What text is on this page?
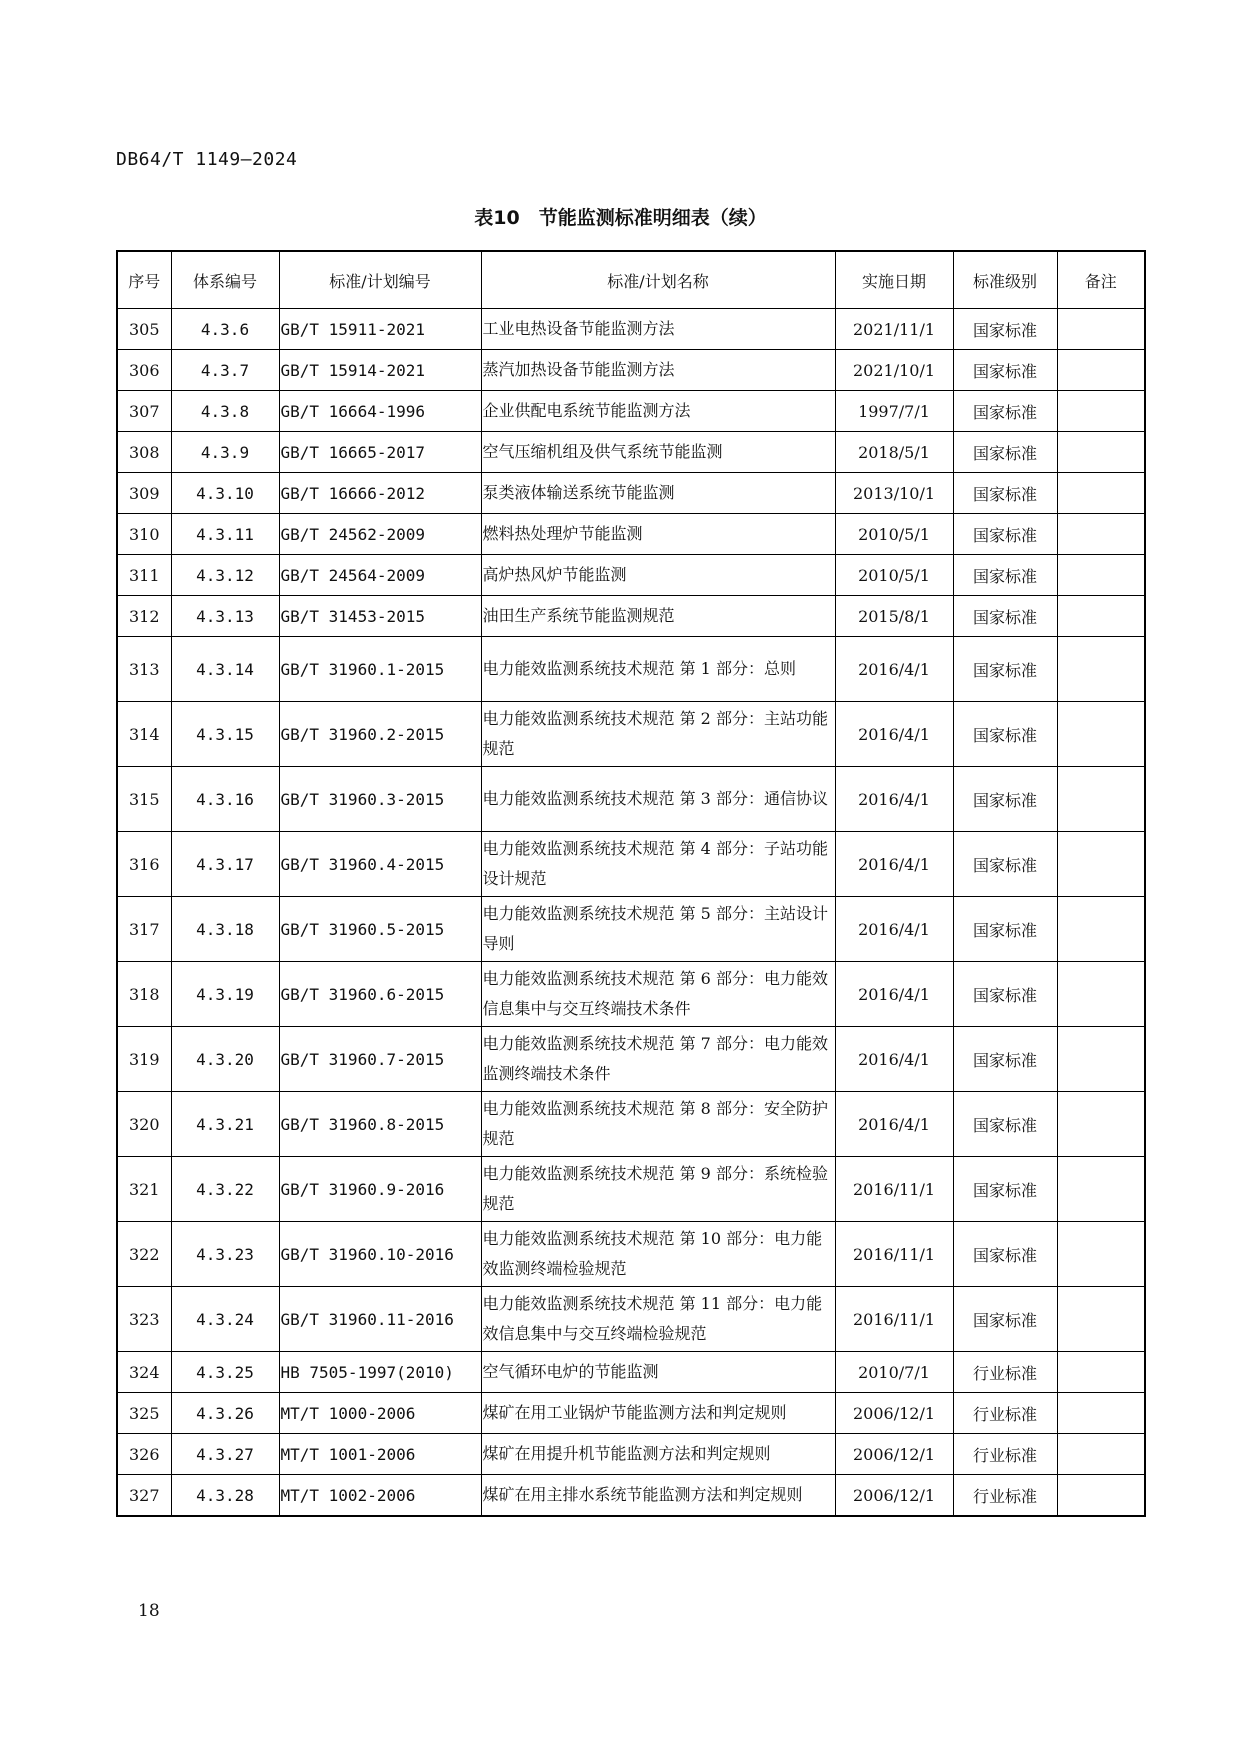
DB64/T 1149—2024
表10　节能监测标准明细表（续）
序号	体系编号	标准/计划编号	标准/计划名称	实施日期	标准级别	备注
305	4.3.6	GB/T 15911-2021	工业电热设备节能监测方法	2021/11/1	国家标准	
306	4.3.7	GB/T 15914-2021	蒸汽加热设备节能监测方法	2021/10/1	国家标准	
307	4.3.8	GB/T 16664-1996	企业供配电系统节能监测方法	1997/7/1	国家标准	
308	4.3.9	GB/T 16665-2017	空气压缩机组及供气系统节能监测	2018/5/1	国家标准	
309	4.3.10	GB/T 16666-2012	泵类液体输送系统节能监测	2013/10/1	国家标准	
310	4.3.11	GB/T 24562-2009	燃料热处理炉节能监测	2010/5/1	国家标准	
311	4.3.12	GB/T 24564-2009	高炉热风炉节能监测	2010/5/1	国家标准	
312	4.3.13	GB/T 31453-2015	油田生产系统节能监测规范	2015/8/1	国家标准	
313	4.3.14	GB/T 31960.1-2015	电力能效监测系统技术规范 第 1 部分：总则	2016/4/1	国家标准	
314	4.3.15	GB/T 31960.2-2015	电力能效监测系统技术规范 第 2 部分：主站功能规范	2016/4/1	国家标准	
315	4.3.16	GB/T 31960.3-2015	电力能效监测系统技术规范 第 3 部分：通信协议	2016/4/1	国家标准	
316	4.3.17	GB/T 31960.4-2015	电力能效监测系统技术规范 第 4 部分：子站功能设计规范	2016/4/1	国家标准	
317	4.3.18	GB/T 31960.5-2015	电力能效监测系统技术规范 第 5 部分：主站设计导则	2016/4/1	国家标准	
318	4.3.19	GB/T 31960.6-2015	电力能效监测系统技术规范 第 6 部分：电力能效信息集中与交互终端技术条件	2016/4/1	国家标准	
319	4.3.20	GB/T 31960.7-2015	电力能效监测系统技术规范 第 7 部分：电力能效监测终端技术条件	2016/4/1	国家标准	
320	4.3.21	GB/T 31960.8-2015	电力能效监测系统技术规范 第 8 部分：安全防护规范	2016/4/1	国家标准	
321	4.3.22	GB/T 31960.9-2016	电力能效监测系统技术规范 第 9 部分：系统检验规范	2016/11/1	国家标准	
322	4.3.23	GB/T 31960.10-2016	电力能效监测系统技术规范 第 10 部分：电力能效监测终端检验规范	2016/11/1	国家标准	
323	4.3.24	GB/T 31960.11-2016	电力能效监测系统技术规范 第 11 部分：电力能效信息集中与交互终端检验规范	2016/11/1	国家标准	
324	4.3.25	HB 7505-1997(2010)	空气循环电炉的节能监测	2010/7/1	行业标准	
325	4.3.26	MT/T 1000-2006	煤矿在用工业锅炉节能监测方法和判定规则	2006/12/1	行业标准	
326	4.3.27	MT/T 1001-2006	煤矿在用提升机节能监测方法和判定规则	2006/12/1	行业标准	
327	4.3.28	MT/T 1002-2006	煤矿在用主排水系统节能监测方法和判定规则	2006/12/1	行业标准	
18
